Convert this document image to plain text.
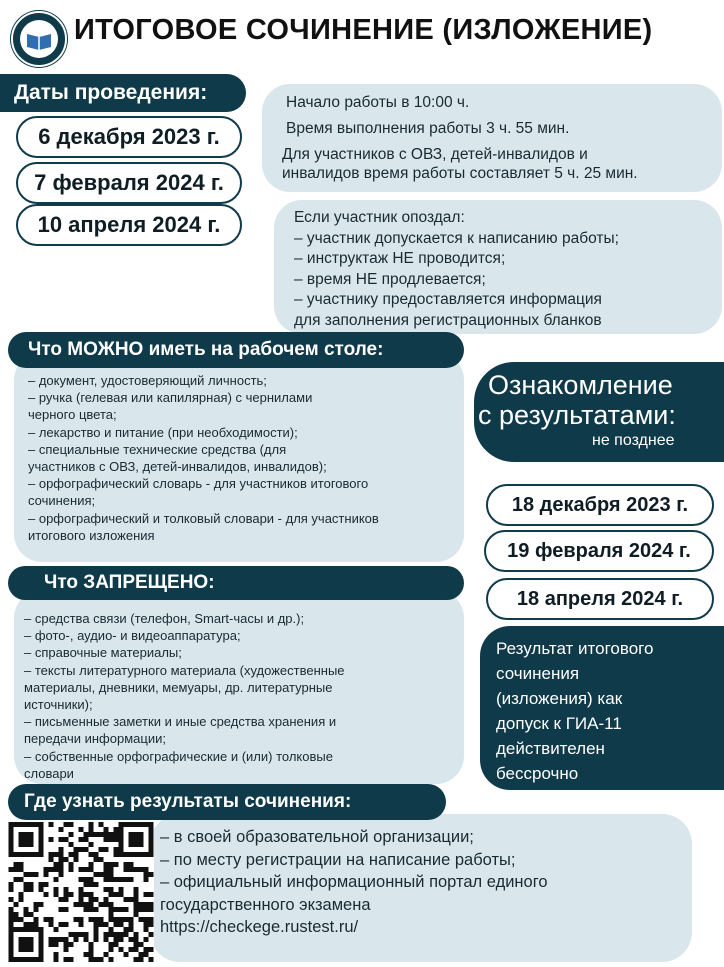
ИТОГОВОЕ СОЧИНЕНИЕ (ИЗЛОЖЕНИЕ)
Даты проведения:
6 декабря 2023 г.
7 февраля 2024 г.
10 апреля 2024 г.
Начало работы в 10:00 ч.
Время выполнения работы 3 ч. 55 мин.
Для участников с ОВЗ, детей-инвалидов и
инвалидов время работы составляет 5 ч. 25 мин.
Если участник опоздал:
– участник допускается к написанию работы;
– инструктаж НЕ проводится;
– время НЕ продлевается;
– участнику предоставляется информация
для заполнения регистрационных бланков
– документ, удостоверяющий личность;
– ручка (гелевая или капилярная) с чернилами
черного цвета;
– лекарство и питание (при необходимости);
– специальные технические средства (для
участников с ОВЗ, детей-инвалидов, инвалидов);
– орфографический словарь - для участников итогового
сочинения;
– орфографический и толковый словари - для участников
итогового изложения
Что МОЖНО иметь на рабочем столе:
Ознакомление
с результатами:
не позднее
18 декабря 2023 г.
19 февраля 2024 г.
18 апреля 2024 г.
– средства связи (телефон, Smart-часы и др.);
– фото-, аудио- и видеоаппаратура;
– справочные материалы;
– тексты литературного материала (художественные
материалы, дневники, мемуары, др. литературные
источники);
– письменные заметки и иные средства хранения и
передачи информации;
– собственные орфографические и (или) толковые
словари
Что ЗАПРЕЩЕНО:
Результат итогового
сочинения
(изложения) как
допуск к ГИА-11
действителен
бессрочно
– в своей образовательной организации;
– по месту регистрации на написание работы;
– официальный информационный портал единого
государственного экзамена
https://checkege.rustest.ru/
Где узнать результаты сочинения:
